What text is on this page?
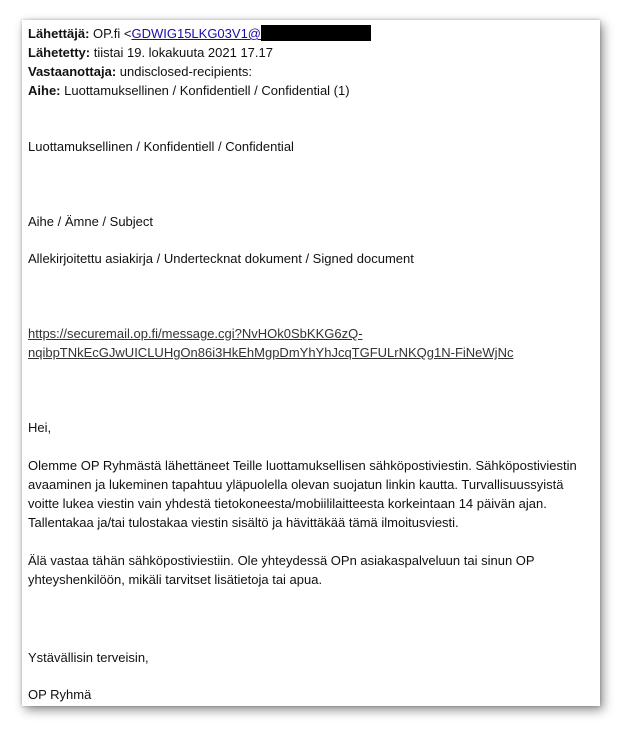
Lähettäjä: OP.fi <GDWIG15LKG03V1@
Lähetetty: tiistai 19. lokakuuta 2021 17.17
Vastaanottaja: undisclosed-recipients:
Aihe: Luottamuksellinen / Konfidentiell / Confidential (1)

Luottamuksellinen / Konfidentiell / Confidential

Aihe / Ämne / Subject

Allekirjoitettu asiakirja / Undertecknat dokument / Signed document

https://securemail.op.fi/message.cgi?NvHOk0SbKKG6zQ-
nqibpTNkEcGJwUICLUHgOn86i3HkEhMgpDmYhYhJcqTGFULrNKQg1N-FiNeWjNc

Hei,

Olemme OP Ryhmästä lähettäneet Teille luottamuksellisen sähköpostiviestin. Sähköpostiviestin avaaminen ja lukeminen tapahtuu yläpuolella olevan suojatun linkin kautta. Turvallisuussyistä voitte lukea viestin vain yhdestä tietokoneesta/mobiililaitteesta korkeintaan 14 päivän ajan. Tallentakaa ja/tai tulostakaa viestin sisältö ja hävittäkää tämä ilmoitusviesti.

Älä vastaa tähän sähköpostiviestiin. Ole yhteydessä OPn asiakaspalveluun tai sinun OP yhteyshenkilöön, mikäli tarvitset lisätietoja tai apua.

Ystävällisin terveisin,

OP Ryhmä
